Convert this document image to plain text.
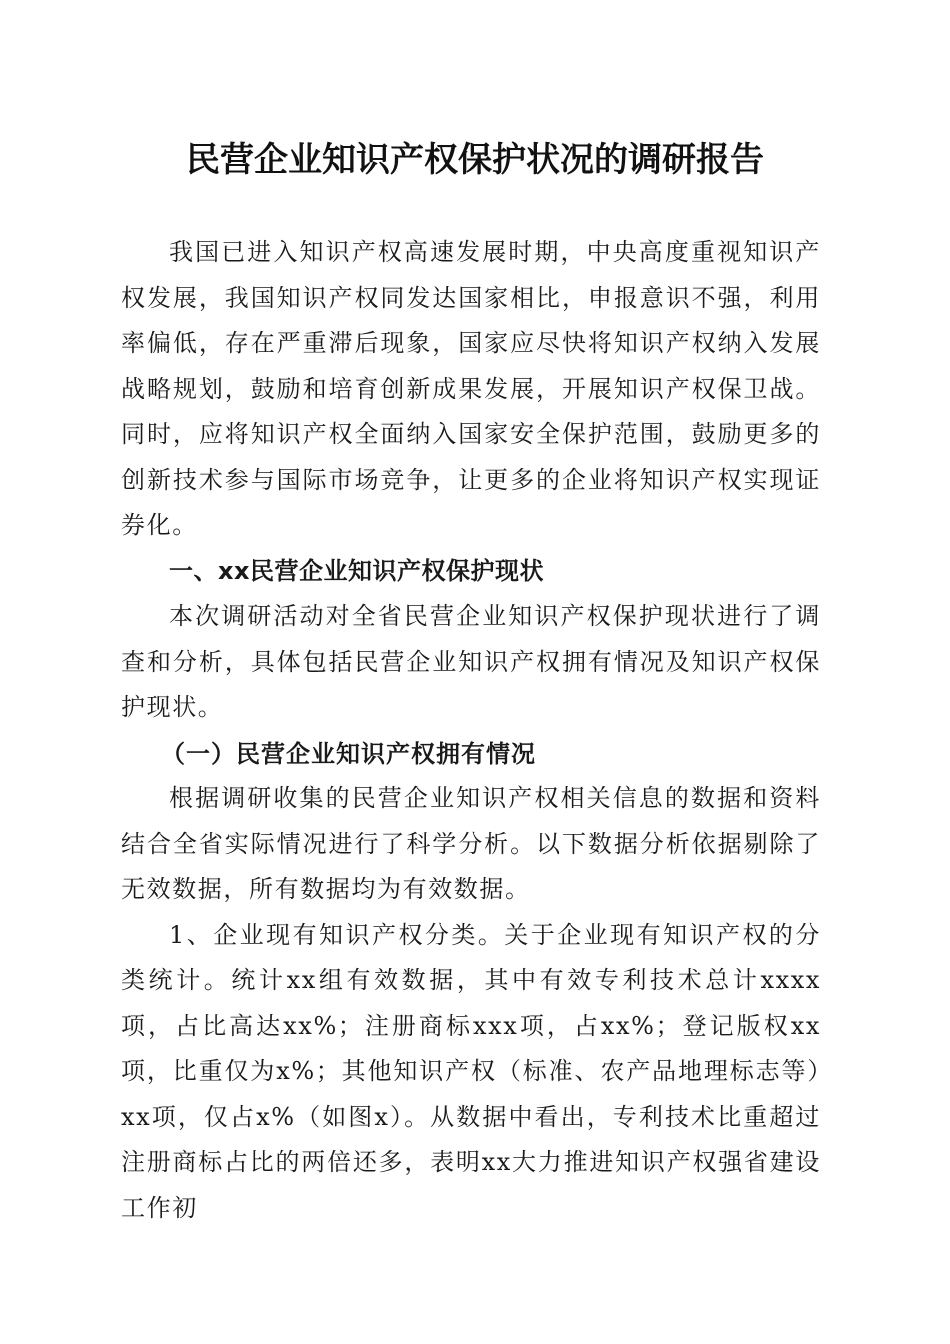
民营企业知识产权保护状况的调研报告

我国已进入知识产权高速发展时期，中央高度重视知识产权发展，我国知识产权同发达国家相比，申报意识不强，利用率偏低，存在严重滞后现象，国家应尽快将知识产权纳入发展战略规划，鼓励和培育创新成果发展，开展知识产权保卫战。同时，应将知识产权全面纳入国家安全保护范围，鼓励更多的创新技术参与国际市场竞争，让更多的企业将知识产权实现证券化。

一、xx民营企业知识产权保护现状

本次调研活动对全省民营企业知识产权保护现状进行了调查和分析，具体包括民营企业知识产权拥有情况及知识产权保护现状。

（一）民营企业知识产权拥有情况

根据调研收集的民营企业知识产权相关信息的数据和资料结合全省实际情况进行了科学分析。以下数据分析依据剔除了无效数据，所有数据均为有效数据。

1、企业现有知识产权分类。关于企业现有知识产权的分类统计。统计xx组有效数据，其中有效专利技术总计xxxx项，占比高达xx%；注册商标xxx项，占xx%；登记版权xx项，比重仅为x%；其他知识产权（标准、农产品地理标志等）xx项，仅占x%（如图x）。从数据中看出，专利技术比重超过注册商标占比的两倍还多，表明xx大力推进知识产权强省建设工作初
